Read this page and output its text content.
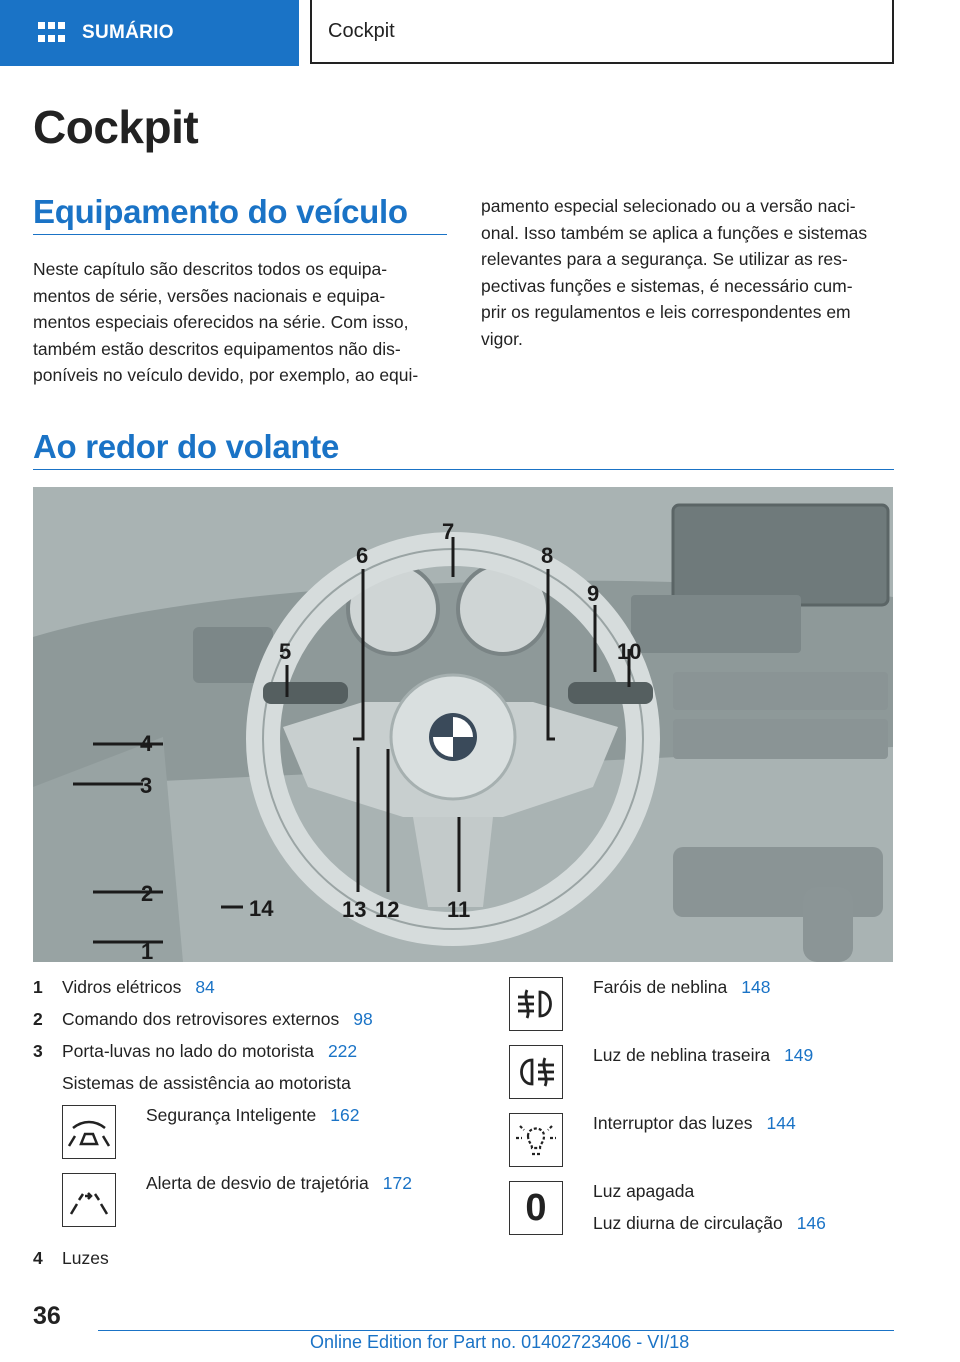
SUMÁRIO	Cockpit
Cockpit
Equipamento do veículo

Neste capítulo são descritos todos os equipa-
mentos de série, versões nacionais e equipa-
mentos especiais oferecidos na série. Com isso,
também estão descritos equipamentos não dis-
poníveis no veículo devido, por exemplo, ao equi-

pamento especial selecionado ou a versão naci-
onal. Isso também se aplica a funções e sistemas
relevantes para a segurança. Se utilizar as res-
pectivas funções e sistemas, é necessário cum-
prir os regulamentos e leis correspondentes em
vigor.

Ao redor do volante
1
2
3
4
5
6
7
8
9
10
11
12
13
14
1 Vidros elétricos 84
2 Comando dos retrovisores externos 98
3 Porta-luvas no lado do motorista 222
Sistemas de assistência ao motorista
Segurança Inteligente 162
Alerta de desvio de trajetória 172
4 Luzes
Faróis de neblina 148
Luz de neblina traseira 149
Interruptor das luzes 144
0	Luz apagada
Luz diurna de circulação 146

36

Online Edition for Part no. 01402723406 - VI/18
